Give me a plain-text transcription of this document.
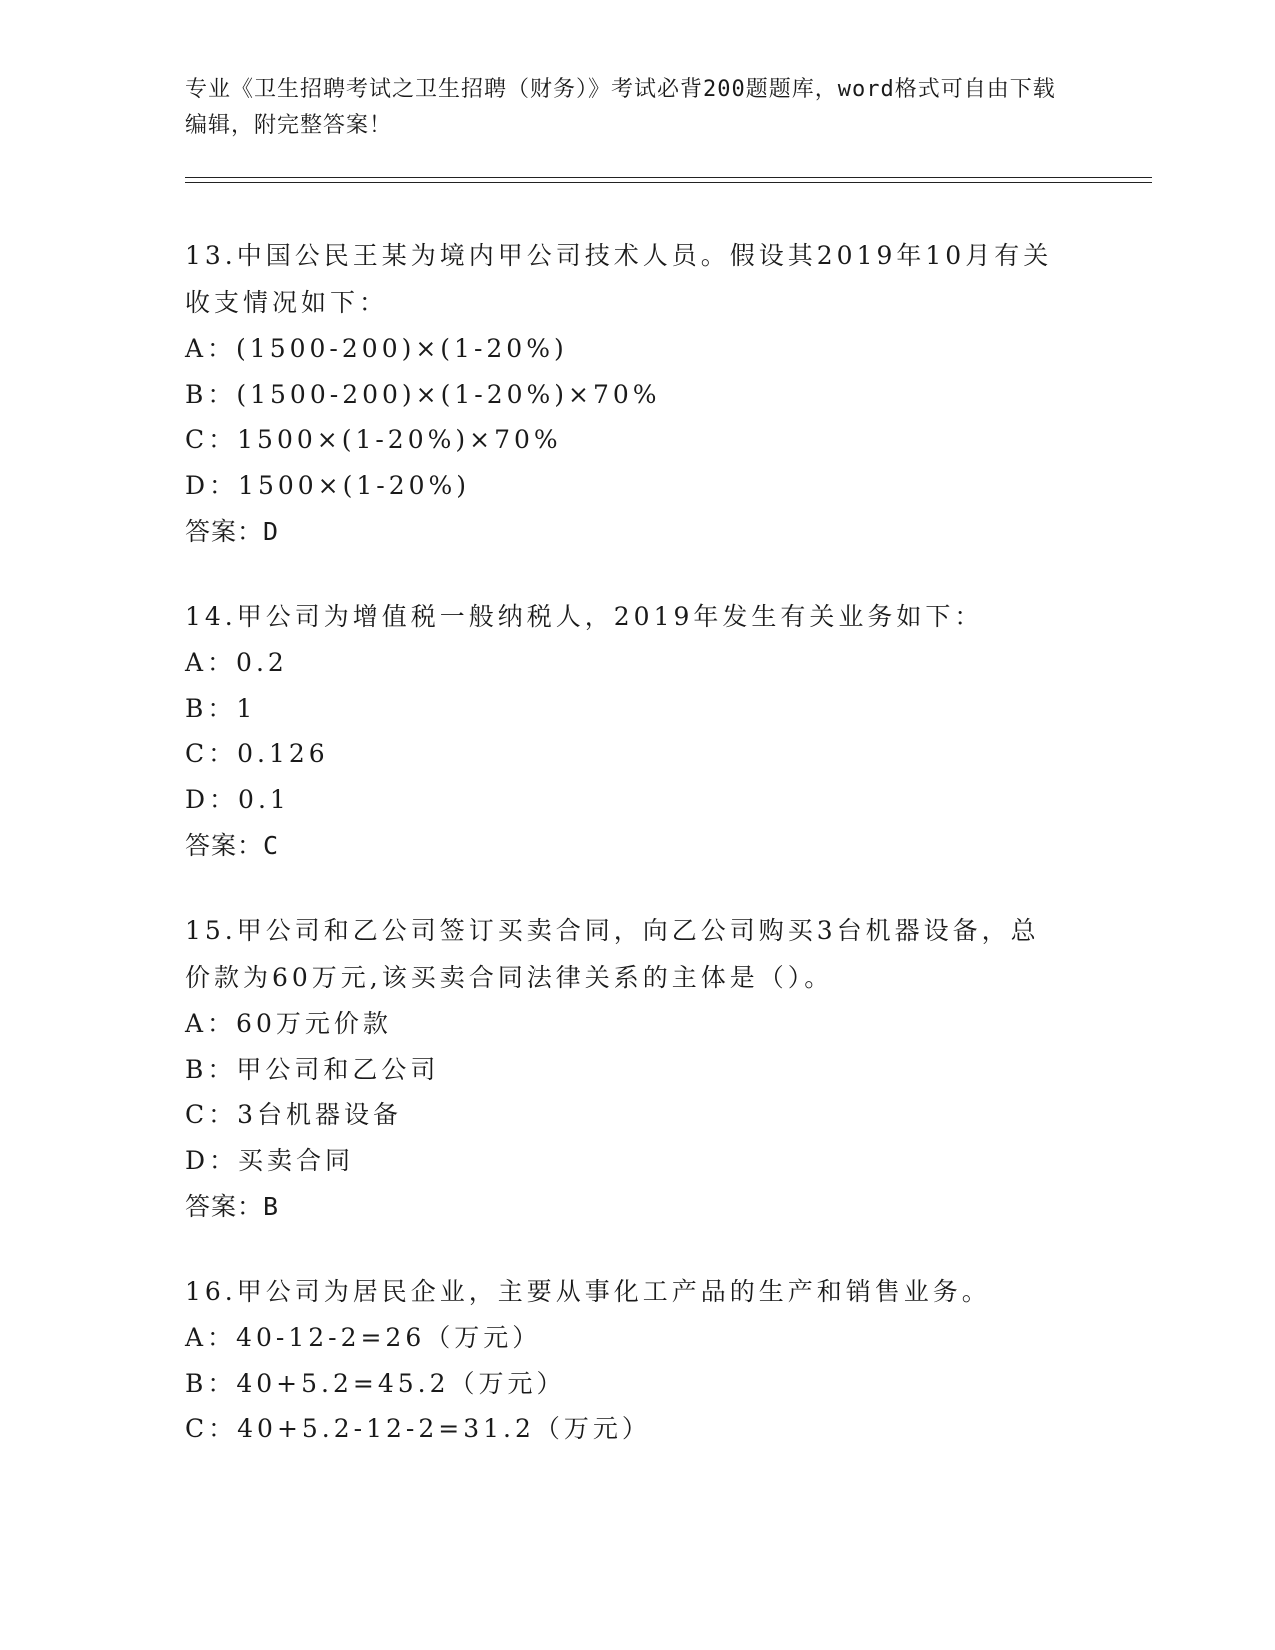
专业《卫生招聘考试之卫生招聘（财务）》考试必背200题题库，word格式可自由下载编辑，附完整答案！
13.中国公民王某为境内甲公司技术人员。假设其2019年10月有关收支情况如下：
A：(1500-200)×(1-20%)
B：(1500-200)×(1-20%)×70%
C：1500×(1-20%)×70%
D：1500×(1-20%)
答案：D
14.甲公司为增值税一般纳税人，2019年发生有关业务如下：
A：0.2
B：1
C：0.126
D：0.1
答案：C
15.甲公司和乙公司签订买卖合同，向乙公司购买3台机器设备，总价款为60万元,该买卖合同法律关系的主体是（）。
A：60万元价款
B：甲公司和乙公司
C：3台机器设备
D：买卖合同
答案：B
16.甲公司为居民企业，主要从事化工产品的生产和销售业务。
A：40-12-2=26（万元）
B：40+5.2=45.2（万元）
C：40+5.2-12-2=31.2（万元）
